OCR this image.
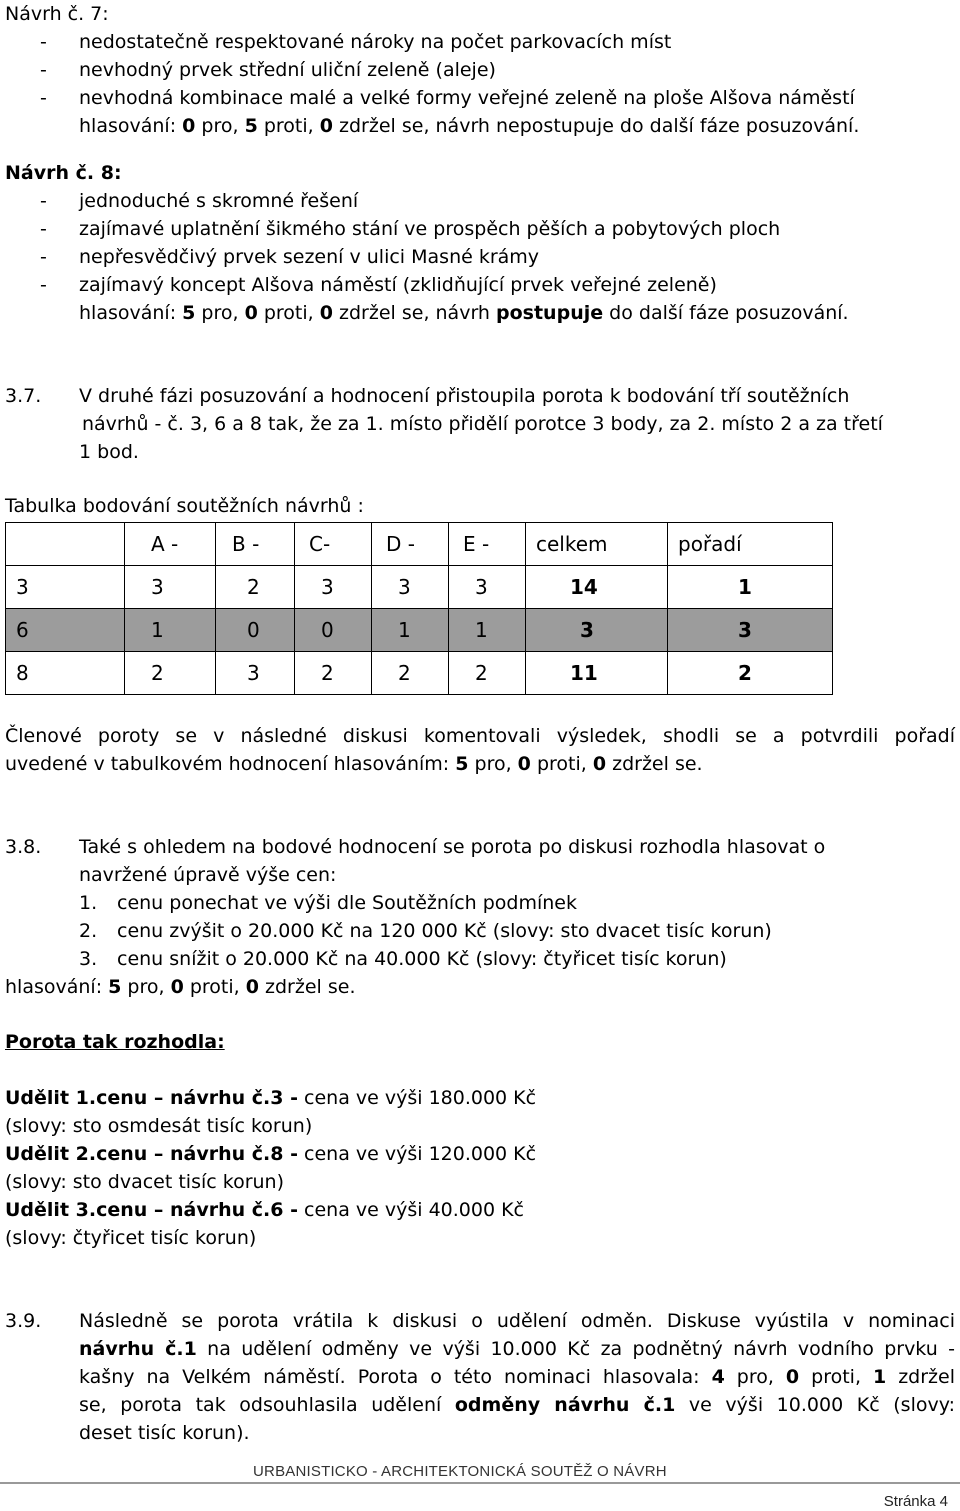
Návrh č. 7:
- nedostatečně respektované nároky na počet parkovacích míst
- nevhodný prvek střední uliční zeleně (aleje)
- nevhodná kombinace malé a velké formy veřejné zeleně na ploše Alšova náměstí
hlasování: 0 pro, 5 proti, 0 zdržel se, návrh nepostupuje do další fáze posuzování.
Návrh č. 8:
- jednoduché s skromné řešení
- zajímavé uplatnění šikmého stání ve prospěch pěších a pobytových ploch
- nepřesvědčivý prvek sezení v ulici Masné krámy
- zajímavý koncept Alšova náměstí (zklidňující prvek veřejné zeleně)
hlasování: 5 pro, 0 proti, 0 zdržel se, návrh postupuje do další fáze posuzování.
3.7. V druhé fázi posuzování a hodnocení přistoupila porota k bodování tří soutěžních
návrhů - č. 3, 6 a 8 tak, že za 1. místo přidělí porotce 3 body, za 2. místo 2 a za třetí
1 bod.
Tabulka bodování soutěžních návrhů :
	A -	B -	C-	D -	E -	celkem	pořadí
3	3	2	3	3	3	14	1
6	1	0	0	1	1	3	3
8	2	3	2	2	2	11	2
Členové poroty se v následné diskusi komentovali výsledek, shodli se a potvrdili pořadí
uvedené v tabulkovém hodnocení hlasováním: 5 pro, 0 proti, 0 zdržel se.
3.8. Také s ohledem na bodové hodnocení se porota po diskusi rozhodla hlasovat o
navržené úpravě výše cen:
1. cenu ponechat ve výši dle Soutěžních podmínek
2. cenu zvýšit o 20.000 Kč na 120 000 Kč (slovy: sto dvacet tisíc korun)
3. cenu snížit o 20.000 Kč na 40.000 Kč (slovy: čtyřicet tisíc korun)
hlasování: 5 pro, 0 proti, 0 zdržel se.
Porota tak rozhodla:
Udělit 1.cenu – návrhu č.3 - cena ve výši 180.000 Kč
(slovy: sto osmdesát tisíc korun)
Udělit 2.cenu – návrhu č.8 - cena ve výši 120.000 Kč
(slovy: sto dvacet tisíc korun)
Udělit 3.cenu – návrhu č.6 - cena ve výši 40.000 Kč
(slovy: čtyřicet tisíc korun)
3.9. Následně se porota vrátila k diskusi o udělení odměn. Diskuse vyústila v nominaci
návrhu č.1 na udělení odměny ve výši 10.000 Kč za podnětný návrh vodního prvku -
kašny na Velkém náměstí. Porota o této nominaci hlasovala: 4 pro, 0 proti, 1 zdržel
se, porota tak odsouhlasila udělení odměny návrhu č.1 ve výši 10.000 Kč (slovy:
deset tisíc korun).
URBANISTICKO - ARCHITEKTONICKÁ SOUTĚŽ O NÁVRH
Stránka 4
